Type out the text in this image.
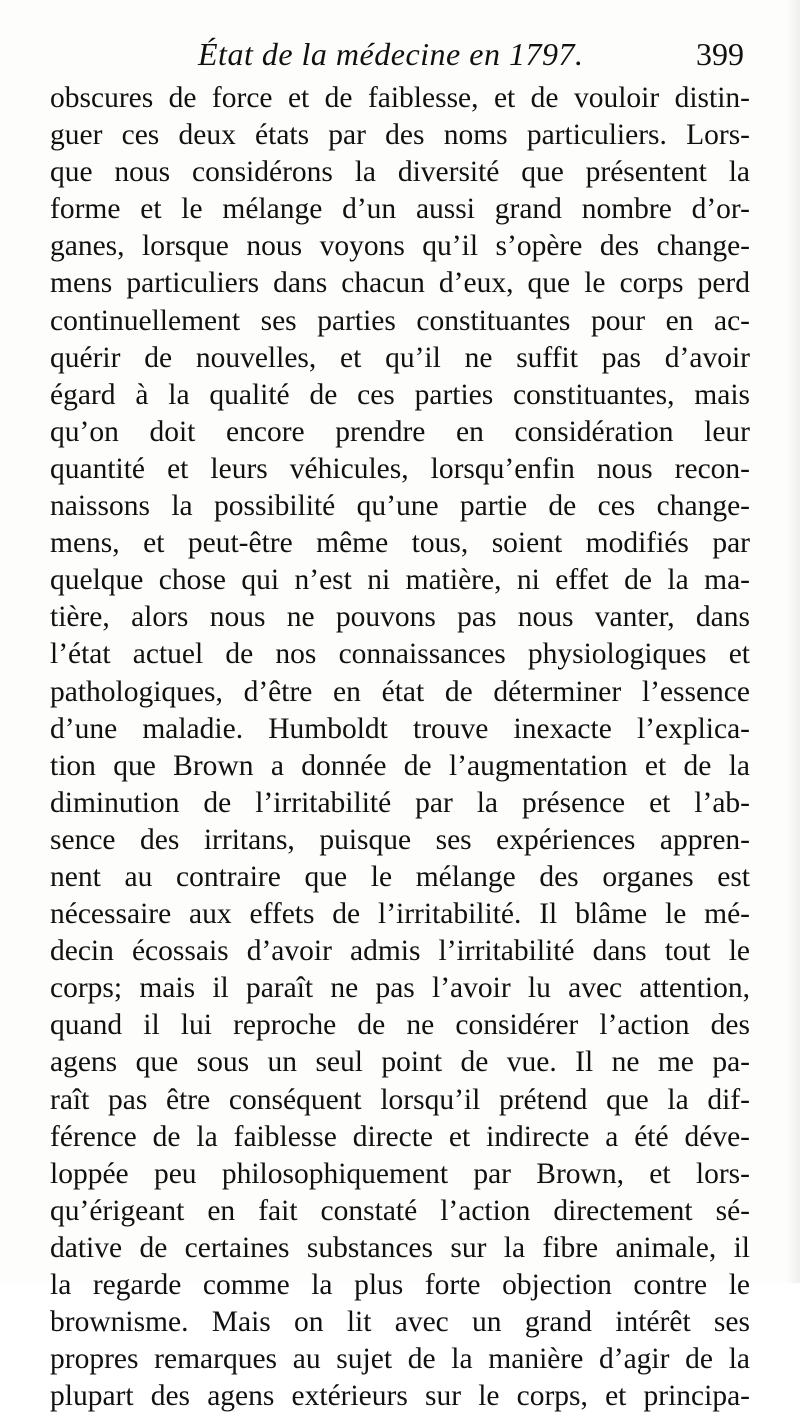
État de la médecine en 1797.	399
obscures de force et de faiblesse, et de vouloir distin-
guer ces deux états par des noms particuliers. Lors-
que nous considérons la diversité que présentent la
forme et le mélange d’un aussi grand nombre d’or-
ganes, lorsque nous voyons qu’il s’opère des change-
mens particuliers dans chacun d’eux, que le corps perd
continuellement ses parties constituantes pour en ac-
quérir de nouvelles, et qu’il ne suffit pas d’avoir
égard à la qualité de ces parties constituantes, mais
qu’on doit encore prendre en considération leur
quantité et leurs véhicules, lorsqu’enfin nous recon-
naissons la possibilité qu’une partie de ces change-
mens, et peut-être même tous, soient modifiés par
quelque chose qui n’est ni matière, ni effet de la ma-
tière, alors nous ne pouvons pas nous vanter, dans
l’état actuel de nos connaissances physiologiques et
pathologiques, d’être en état de déterminer l’essence
d’une maladie. Humboldt trouve inexacte l’explica-
tion que Brown a donnée de l’augmentation et de la
diminution de l’irritabilité par la présence et l’ab-
sence des irritans, puisque ses expériences appren-
nent au contraire que le mélange des organes est
nécessaire aux effets de l’irritabilité. Il blâme le mé-
decin écossais d’avoir admis l’irritabilité dans tout le
corps; mais il paraît ne pas l’avoir lu avec attention,
quand il lui reproche de ne considérer l’action des
agens que sous un seul point de vue. Il ne me pa-
raît pas être conséquent lorsqu’il prétend que la dif-
férence de la faiblesse directe et indirecte a été déve-
loppée peu philosophiquement par Brown, et lors-
qu’érigeant en fait constaté l’action directement sé-
dative de certaines substances sur la fibre animale, il
la regarde comme la plus forte objection contre le
brownisme. Mais on lit avec un grand intérêt ses
propres remarques au sujet de la manière d’agir de la
plupart des agens extérieurs sur le corps, et principa-
